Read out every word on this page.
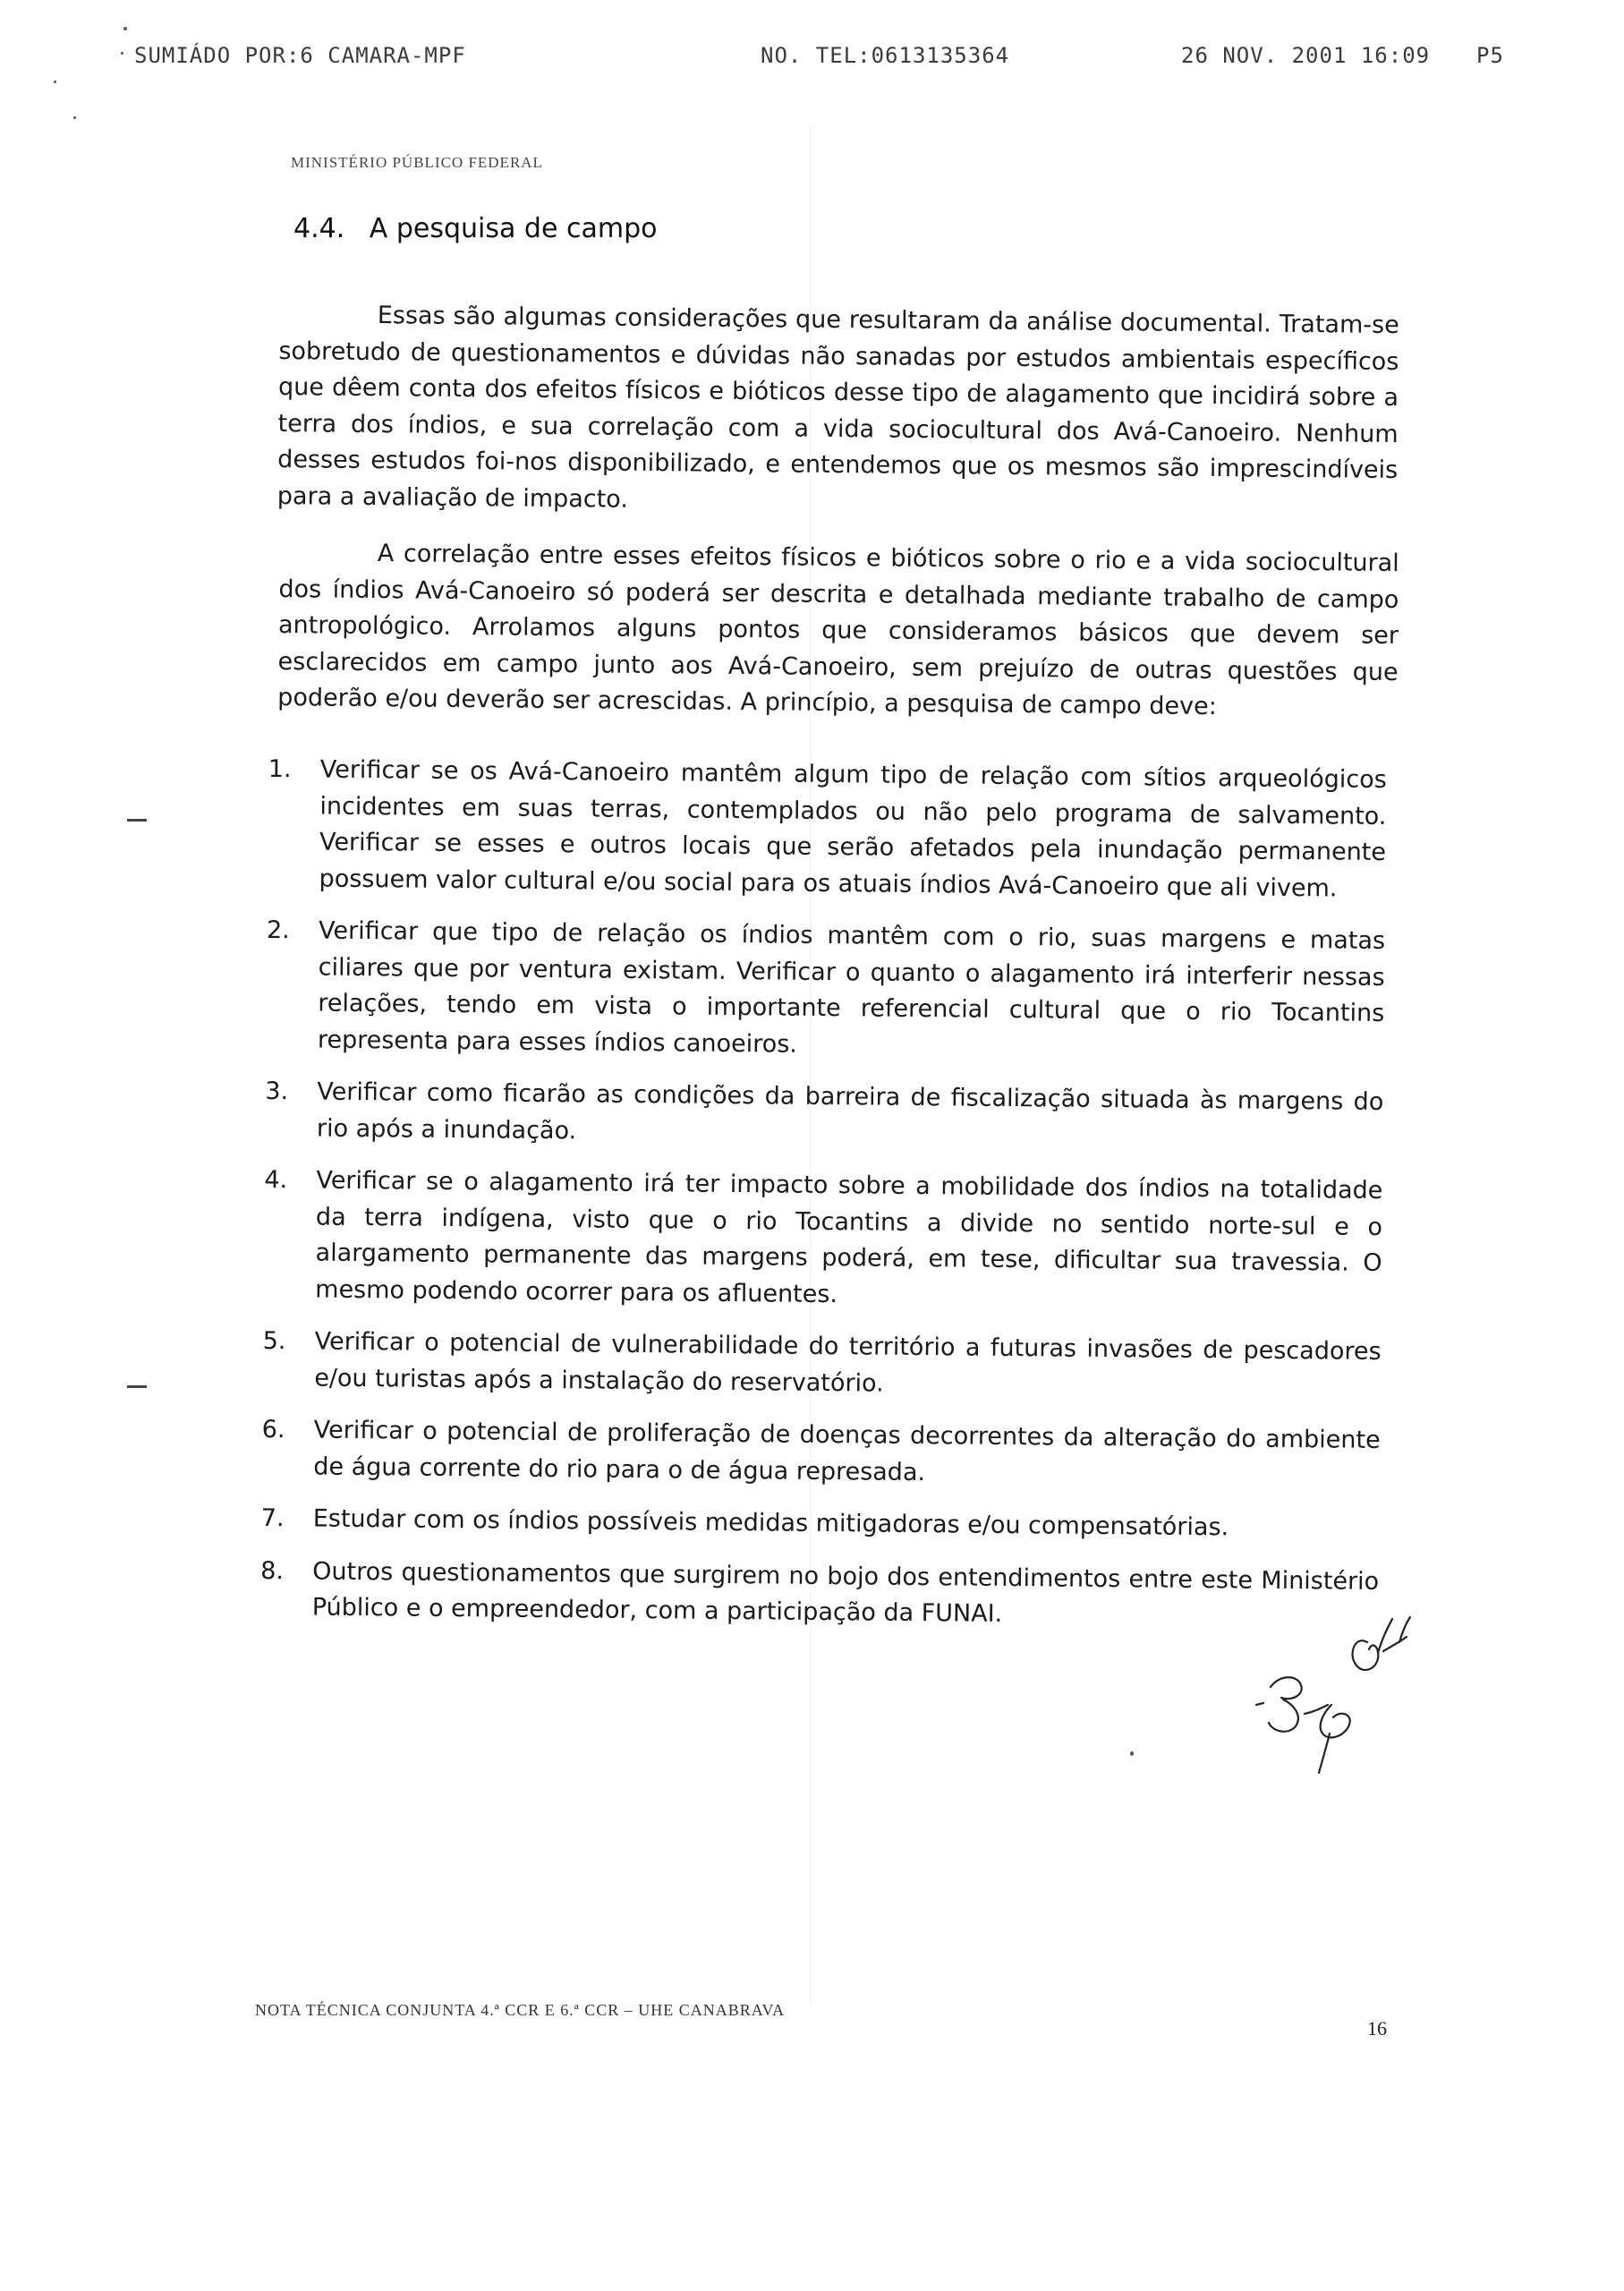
SUMIÁDO POR:6 CAMARA-MPF	NO. TEL:0613135364	26 NOV. 2001 16:09 P5
MINISTÉRIO PÚBLICO FEDERAL
4.4. A pesquisa de campo

Essas são algumas considerações que resultaram da análise documental. Tratam-se sobretudo de questionamentos e dúvidas não sanadas por estudos ambientais específicos que dêem conta dos efeitos físicos e bióticos desse tipo de alagamento que incidirá sobre a terra dos índios, e sua correlação com a vida sociocultural dos Avá-Canoeiro. Nenhum desses estudos foi-nos disponibilizado, e entendemos que os mesmos são imprescindíveis para a avaliação de impacto.

A correlação entre esses efeitos físicos e bióticos sobre o rio e a vida sociocultural dos índios Avá-Canoeiro só poderá ser descrita e detalhada mediante trabalho de campo antropológico. Arrolamos alguns pontos que consideramos básicos que devem ser esclarecidos em campo junto aos Avá-Canoeiro, sem prejuízo de outras questões que poderão e/ou deverão ser acrescidas. A princípio, a pesquisa de campo deve:

1. Verificar se os Avá-Canoeiro mantêm algum tipo de relação com sítios arqueológicos incidentes em suas terras, contemplados ou não pelo programa de salvamento. Verificar se esses e outros locais que serão afetados pela inundação permanente possuem valor cultural e/ou social para os atuais índios Avá-Canoeiro que ali vivem.
2. Verificar que tipo de relação os índios mantêm com o rio, suas margens e matas ciliares que por ventura existam. Verificar o quanto o alagamento irá interferir nessas relações, tendo em vista o importante referencial cultural que o rio Tocantins representa para esses índios canoeiros.
3. Verificar como ficarão as condições da barreira de fiscalização situada às margens do rio após a inundação.
4. Verificar se o alagamento irá ter impacto sobre a mobilidade dos índios na totalidade da terra indígena, visto que o rio Tocantins a divide no sentido norte-sul e o alargamento permanente das margens poderá, em tese, dificultar sua travessia. O mesmo podendo ocorrer para os afluentes.
5. Verificar o potencial de vulnerabilidade do território a futuras invasões de pescadores e/ou turistas após a instalação do reservatório.
6. Verificar o potencial de proliferação de doenças decorrentes da alteração do ambiente de água corrente do rio para o de água represada.
7. Estudar com os índios possíveis medidas mitigadoras e/ou compensatórias.
8. Outros questionamentos que surgirem no bojo dos entendimentos entre este Ministério Público e o empreendedor, com a participação da FUNAI.
NOTA TÉCNICA CONJUNTA 4.ª CCR E 6.ª CCR – UHE CANABRAVA
16
